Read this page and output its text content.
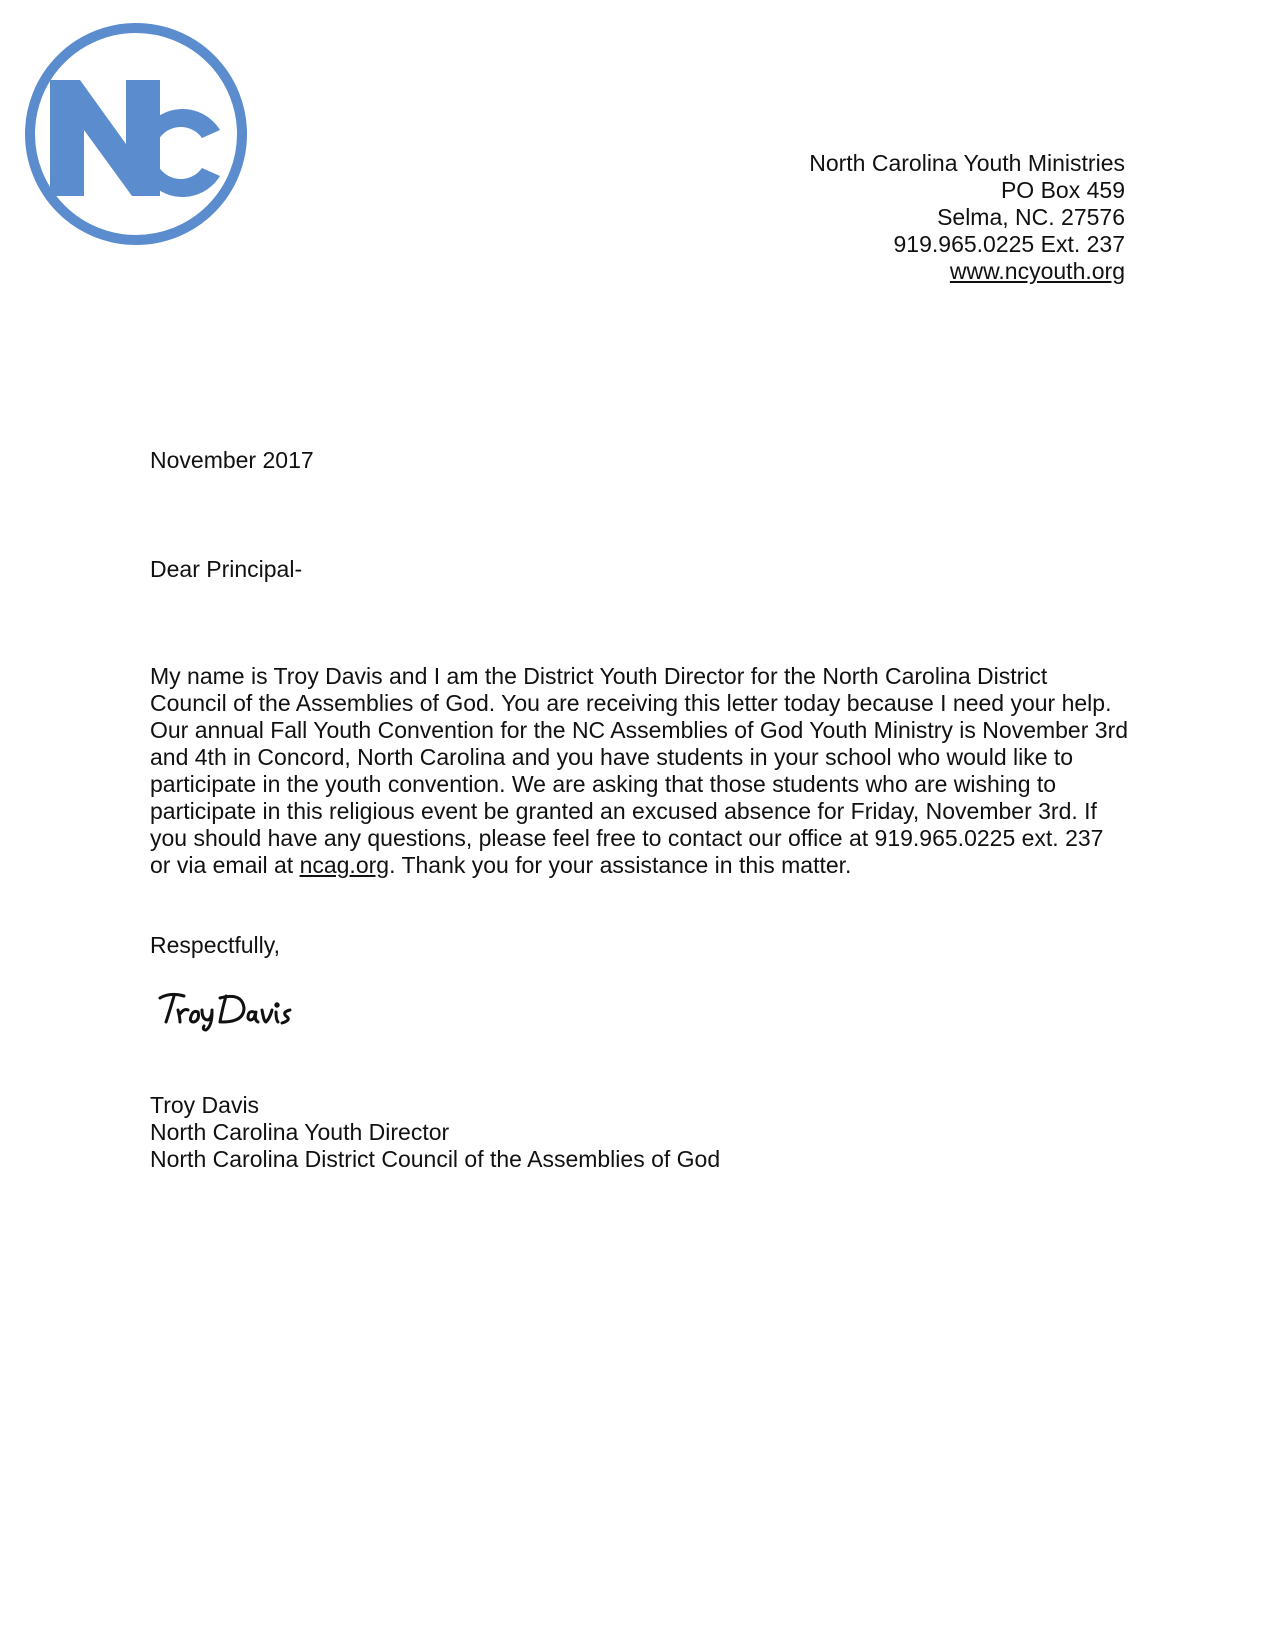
North Carolina Youth Ministries
PO Box 459
Selma, NC. 27576
919.965.0225 Ext. 237
www.ncyouth.org
November 2017
Dear Principal-
My name is Troy Davis and I am the District Youth Director for the North Carolina District
Council of the Assemblies of God. You are receiving this letter today because I need your help.
Our annual Fall Youth Convention for the NC Assemblies of God Youth Ministry is November 3rd
and 4th in Concord, North Carolina and you have students in your school who would like to
participate in the youth convention. We are asking that those students who are wishing to
participate in this religious event be granted an excused absence for Friday, November 3rd. If
you should have any questions, please feel free to contact our office at 919.965.0225 ext. 237
or via email at ncag.org. Thank you for your assistance in this matter.
Respectfully,
Troy Davis
North Carolina Youth Director
North Carolina District Council of the Assemblies of God
